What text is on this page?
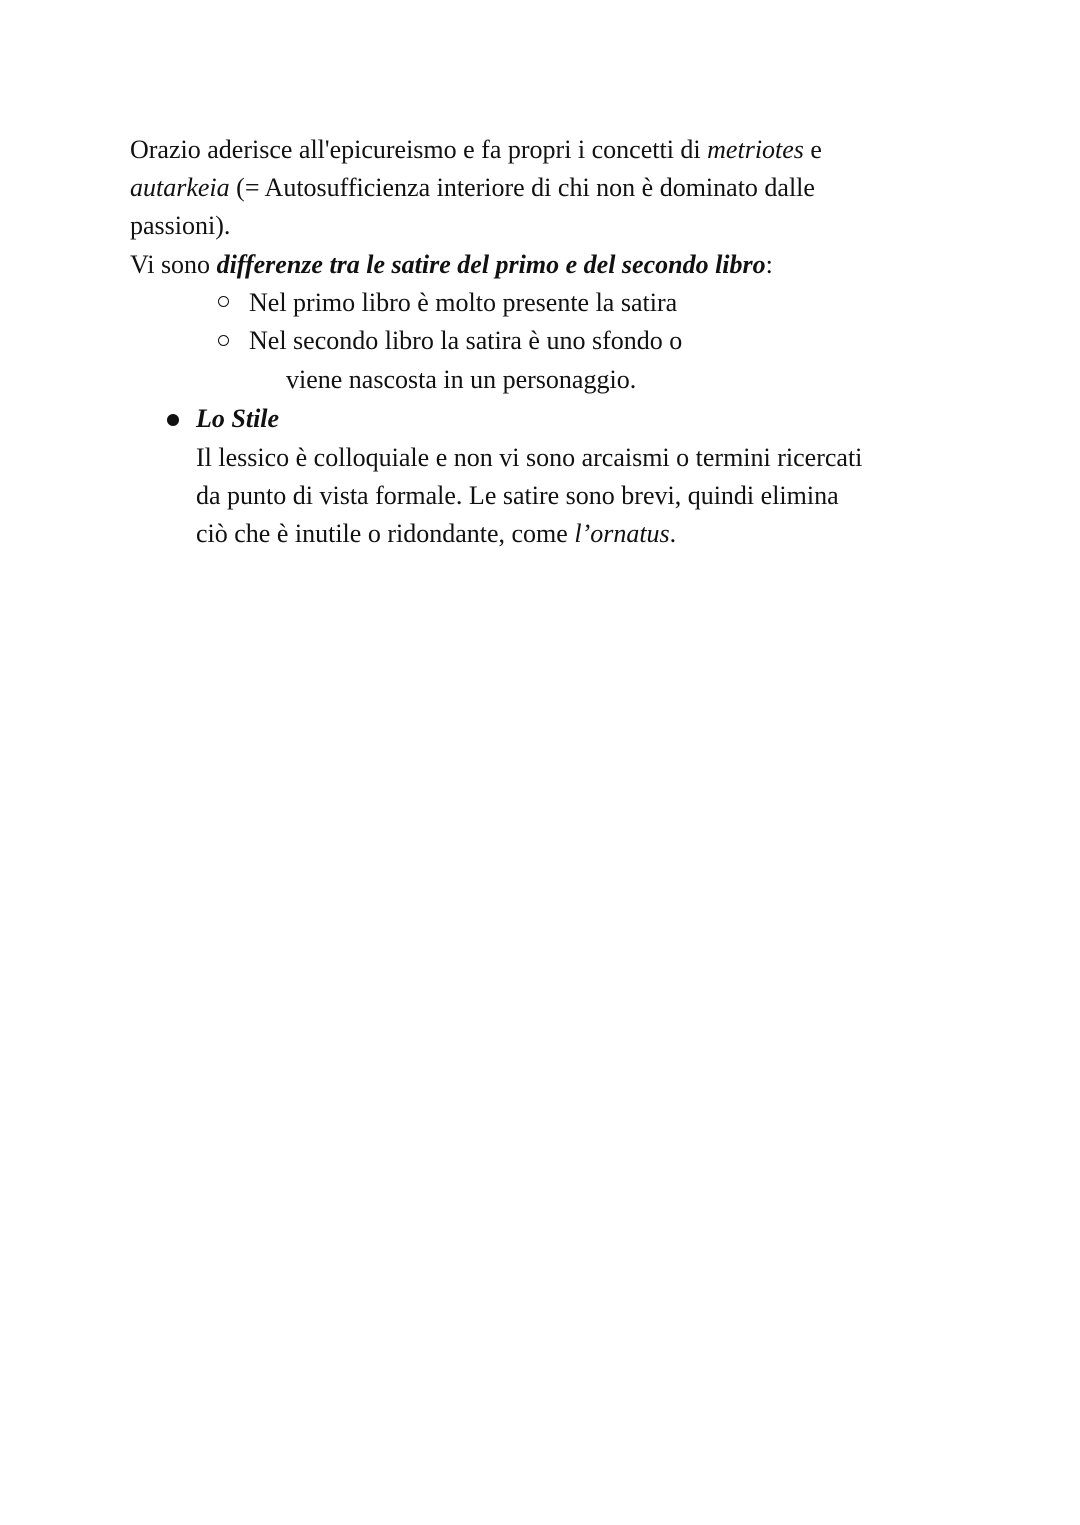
Orazio aderisce all'epicureismo e fa propri i concetti di metriotes e
autarkeia (= Autosufficienza interiore di chi non è dominato dalle
passioni).
Vi sono differenze tra le satire del primo e del secondo libro:
Nel primo libro è molto presente la satira
Nel secondo libro la satira è uno sfondo o
viene nascosta in un personaggio.
Lo Stile
Il lessico è colloquiale e non vi sono arcaismi o termini ricercati
da punto di vista formale. Le satire sono brevi, quindi elimina
ciò che è inutile o ridondante, come l’ornatus.
